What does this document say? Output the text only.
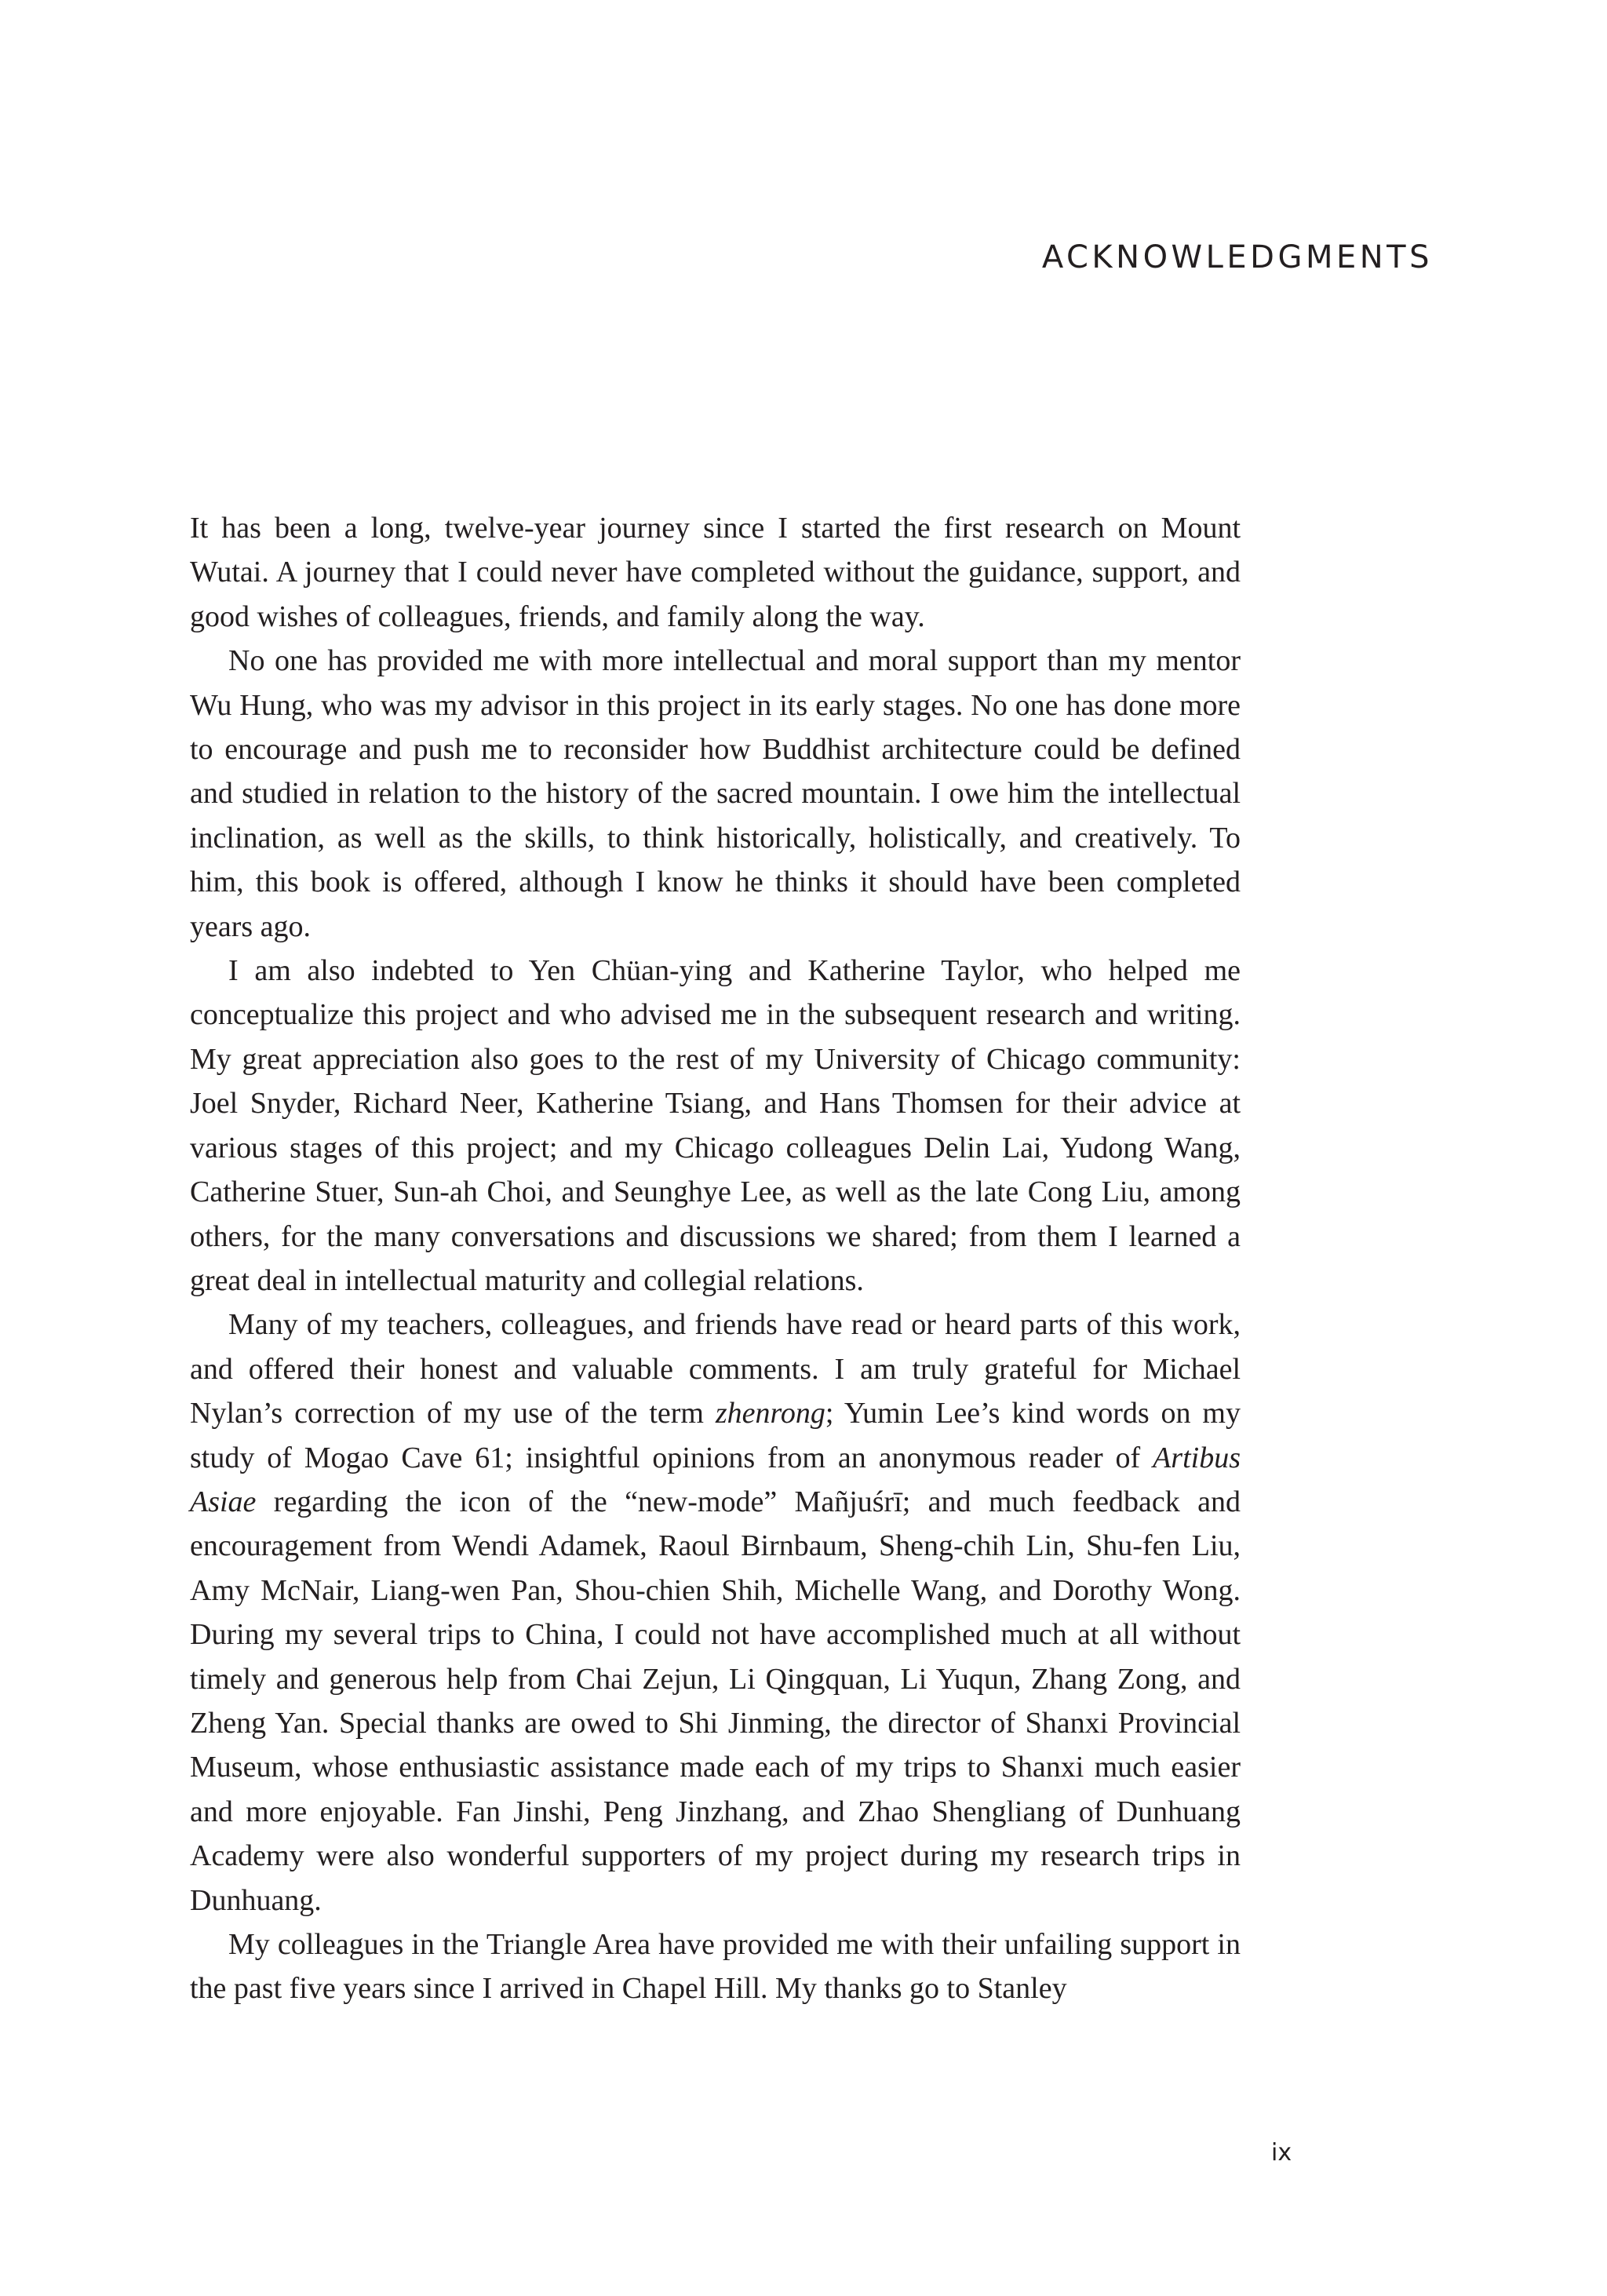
ACKNOWLEDGMENTS

It has been a long, twelve-year journey since I started the first research on Mount Wutai. A journey that I could never have completed without the guidance, support, and good wishes of colleagues, friends, and family along the way.

No one has provided me with more intellectual and moral support than my mentor Wu Hung, who was my advisor in this project in its early stages. No one has done more to encourage and push me to reconsider how Buddhist architecture could be defined and studied in relation to the history of the sacred mountain. I owe him the intellectual inclination, as well as the skills, to think historically, holistically, and creatively. To him, this book is offered, although I know he thinks it should have been completed years ago.

I am also indebted to Yen Chüan-ying and Katherine Taylor, who helped me conceptualize this project and who advised me in the subsequent research and writing. My great appreciation also goes to the rest of my University of Chicago community: Joel Snyder, Richard Neer, Katherine Tsiang, and Hans Thomsen for their advice at various stages of this project; and my Chicago colleagues Delin Lai, Yudong Wang, Catherine Stuer, Sun-ah Choi, and Seunghye Lee, as well as the late Cong Liu, among others, for the many conversations and discussions we shared; from them I learned a great deal in intellectual maturity and collegial relations.

Many of my teachers, colleagues, and friends have read or heard parts of this work, and offered their honest and valuable comments. I am truly grateful for Michael Nylan’s correction of my use of the term zhenrong; Yumin Lee’s kind words on my study of Mogao Cave 61; insightful opinions from an anonymous reader of Artibus Asiae regarding the icon of the “new-mode” Mañjuśrī; and much feedback and encouragement from Wendi Adamek, Raoul Birnbaum, Sheng-chih Lin, Shu-fen Liu, Amy McNair, Liang-wen Pan, Shou-chien Shih, Michelle Wang, and Dorothy Wong. During my several trips to China, I could not have accomplished much at all without timely and generous help from Chai Zejun, Li Qingquan, Li Yuqun, Zhang Zong, and Zheng Yan. Special thanks are owed to Shi Jinming, the director of Shanxi Provincial Museum, whose enthusiastic assistance made each of my trips to Shanxi much easier and more enjoyable. Fan Jinshi, Peng Jinzhang, and Zhao Shengliang of Dunhuang Academy were also wonderful supporters of my project during my research trips in Dunhuang.

My colleagues in the Triangle Area have provided me with their unfailing support in the past five years since I arrived in Chapel Hill. My thanks go to Stanley

ix
